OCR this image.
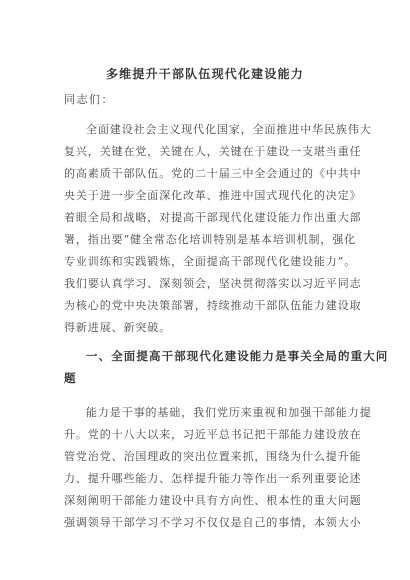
多维提升干部队伍现代化建设能力
同志们：
全面建设社会主义现代化国家，全面推进中华民族伟大
复兴，关键在党，关键在人，关键在于建设一支堪当重任
的高素质干部队伍。党的二十届三中全会通过的《中共中
央关于进一步全面深化改革、推进中国式现代化的决定》
着眼全局和战略，对提高干部现代化建设能力作出重大部
署，指出要“健全常态化培训特别是基本培训机制，强化
专业训练和实践锻炼，全面提高干部现代化建设能力”。
我们要认真学习、深刻领会，坚决贯彻落实以习近平同志
为核心的党中央决策部署，持续推动干部队伍能力建设取
得新进展、新突破。
一、全面提高干部现代化建设能力是事关全局的重大问
题
能力是干事的基础，我们党历来重视和加强干部能力提
升。党的十八大以来，习近平总书记把干部能力建设放在
管党治党、治国理政的突出位置来抓，围绕为什么提升能
力、提升哪些能力、怎样提升能力等作出一系列重要论述
深刻阐明干部能力建设中具有方向性、根本性的重大问题
强调领导干部学习不学习不仅仅是自己的事情，本领大小
